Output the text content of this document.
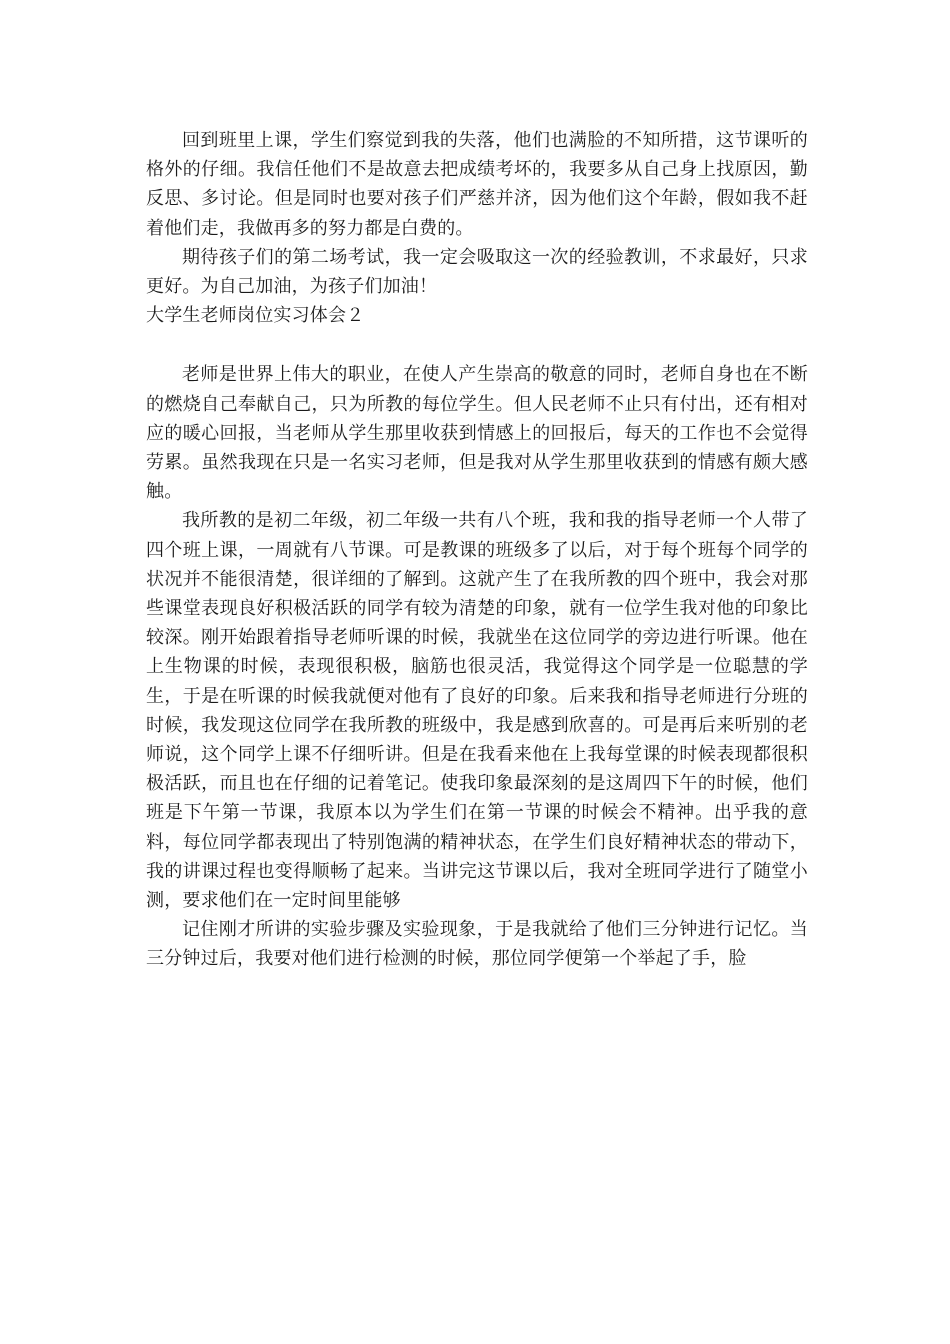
回到班里上课，学生们察觉到我的失落，他们也满脸的不知所措，这节课听的格外的仔细。我信任他们不是故意去把成绩考坏的，我要多从自己身上找原因，勤反思、多讨论。但是同时也要对孩子们严慈并济，因为他们这个年龄，假如我不赶着他们走，我做再多的努力都是白费的。

期待孩子们的第二场考试，我一定会吸取这一次的经验教训，不求最好，只求更好。为自己加油，为孩子们加油！

大学生老师岗位实习体会２

老师是世界上伟大的职业，在使人产生崇高的敬意的同时，老师自身也在不断的燃烧自己奉献自己，只为所教的每位学生。但人民老师不止只有付出，还有相对应的暖心回报，当老师从学生那里收获到情感上的回报后，每天的工作也不会觉得劳累。虽然我现在只是一名实习老师，但是我对从学生那里收获到的情感有颇大感触。

我所教的是初二年级，初二年级一共有八个班，我和我的指导老师一个人带了四个班上课，一周就有八节课。可是教课的班级多了以后，对于每个班每个同学的状况并不能很清楚，很详细的了解到。这就产生了在我所教的四个班中，我会对那些课堂表现良好积极活跃的同学有较为清楚的印象，就有一位学生我对他的印象比较深。刚开始跟着指导老师听课的时候，我就坐在这位同学的旁边进行听课。他在上生物课的时候，表现很积极，脑筋也很灵活，我觉得这个同学是一位聪慧的学生，于是在听课的时候我就便对他有了良好的印象。后来我和指导老师进行分班的时候，我发现这位同学在我所教的班级中，我是感到欣喜的。可是再后来听别的老师说，这个同学上课不仔细听讲。但是在我看来他在上我每堂课的时候表现都很积极活跃，而且也在仔细的记着笔记。使我印象最深刻的是这周四下午的时候，他们班是下午第一节课，我原本以为学生们在第一节课的时候会不精神。出乎我的意料，每位同学都表现出了特别饱满的精神状态，在学生们良好精神状态的带动下，我的讲课过程也变得顺畅了起来。当讲完这节课以后，我对全班同学进行了随堂小测，要求他们在一定时间里能够

记住刚才所讲的实验步骤及实验现象，于是我就给了他们三分钟进行记忆。当三分钟过后，我要对他们进行检测的时候，那位同学便第一个举起了手，脸
